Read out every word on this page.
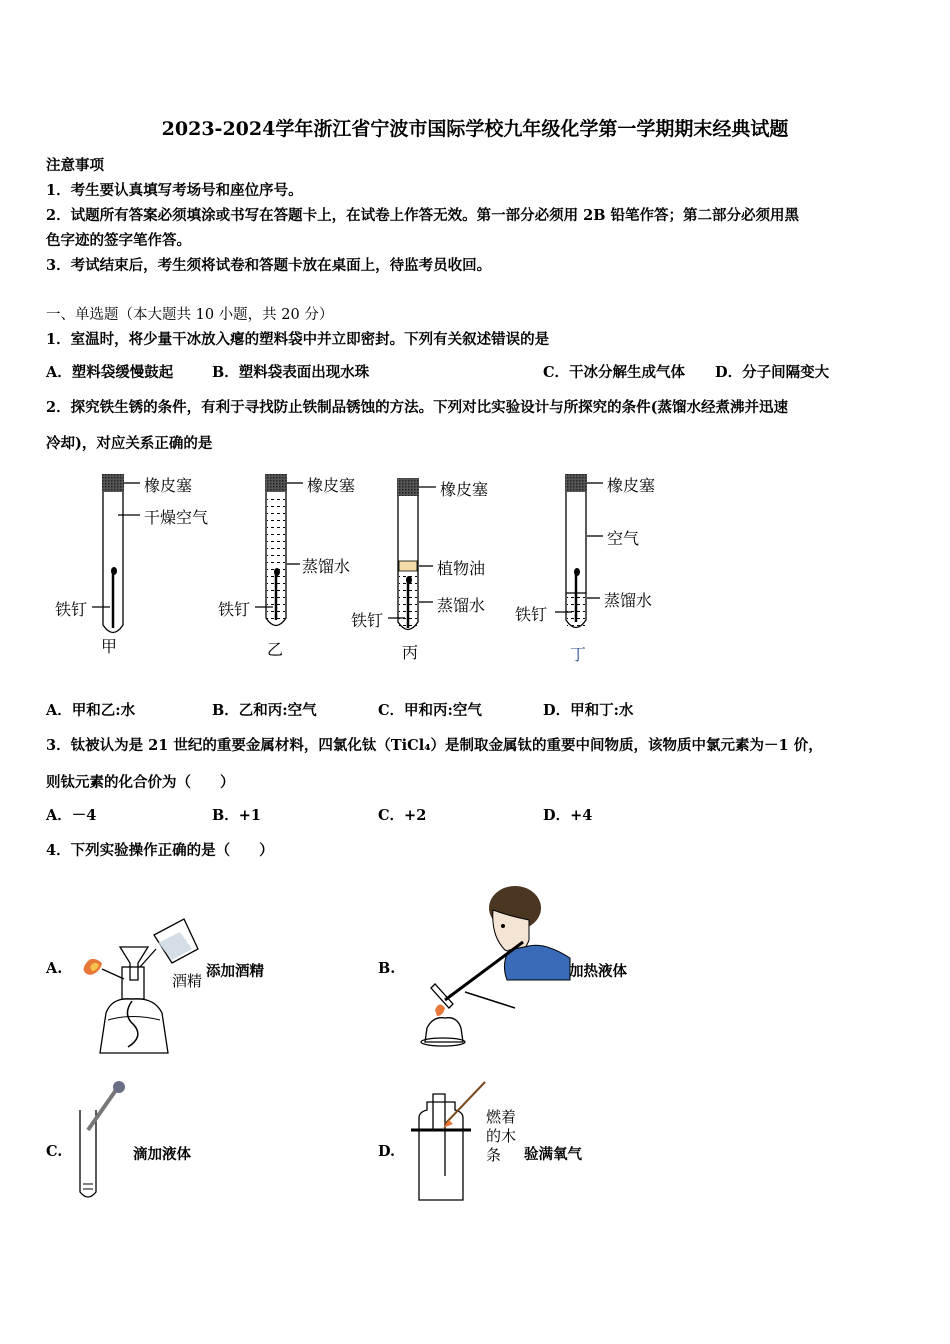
2023-2024学年浙江省宁波市国际学校九年级化学第一学期期末经典试题
注意事项
1．考生要认真填写考场号和座位序号。
2．试题所有答案必须填涂或书写在答题卡上，在试卷上作答无效。第一部分必须用 2B 铅笔作答；第二部分必须用黑
色字迹的签字笔作答。
3．考试结束后，考生须将试卷和答题卡放在桌面上，待监考员收回。
一、单选题（本大题共 10 小题，共 20 分）
1．室温时，将少量干冰放入瘪的塑料袋中并立即密封。下列有关叙述错误的是
A．塑料袋缓慢鼓起	B．塑料袋表面出现水珠	C．干冰分解生成气体 D．分子间隔变大
2．探究铁生锈的条件，有利于寻找防止铁制品锈蚀的方法。下列对比实验设计与所探究的条件(蒸馏水经煮沸并迅速
冷却)，对应关系正确的是
橡皮塞
干燥空气
铁钉
甲
橡皮塞
蒸馏水
铁钉
乙
橡皮塞
植物油
蒸馏水
铁钉
丙
橡皮塞
空气
蒸馏水
铁钉
丁
A．甲和乙:水	B．乙和丙:空气	C．甲和丙:空气	D．甲和丁:水
3．钛被认为是 21 世纪的重要金属材料，四氯化钛（TiCl₄）是制取金属钛的重要中间物质，该物质中氯元素为－1 价，
则钛元素的化合价为（　　）
A．－4	B．+1	C．+2	D．+4
4．下列实验操作正确的是（　　）
A.
酒精
添加酒精	B.	加热液体
C.	滴加液体	D.
燃着
的木
条	验满氧气
